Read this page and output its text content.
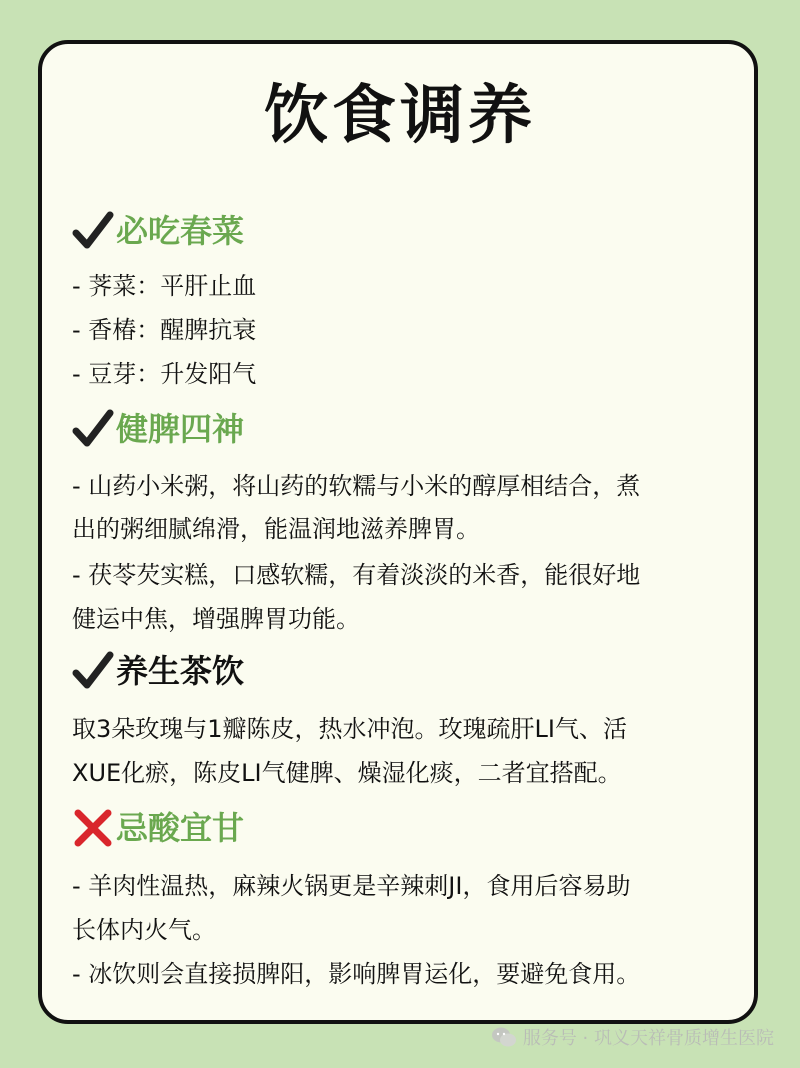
饮食调养
必吃春菜
- 荠菜：平肝止血
- 香椿：醒脾抗衰
- 豆芽：升发阳气
健脾四神
- 山药小米粥，将山药的软糯与小米的醇厚相结合，煮
出的粥细腻绵滑，能温润地滋养脾胃。
- 茯苓芡实糕，口感软糯，有着淡淡的米香，能很好地
健运中焦，增强脾胃功能。
养生茶饮
取3朵玫瑰与1瓣陈皮，热水冲泡。玫瑰疏肝LI气、活
XUE化瘀，陈皮LI气健脾、燥湿化痰，二者宜搭配。
忌酸宜甘
- 羊肉性温热，麻辣火锅更是辛辣刺JI，食用后容易助
长体内火气。
- 冰饮则会直接损脾阳，影响脾胃运化，要避免食用。
服务号 · 巩义天祥骨质增生医院
